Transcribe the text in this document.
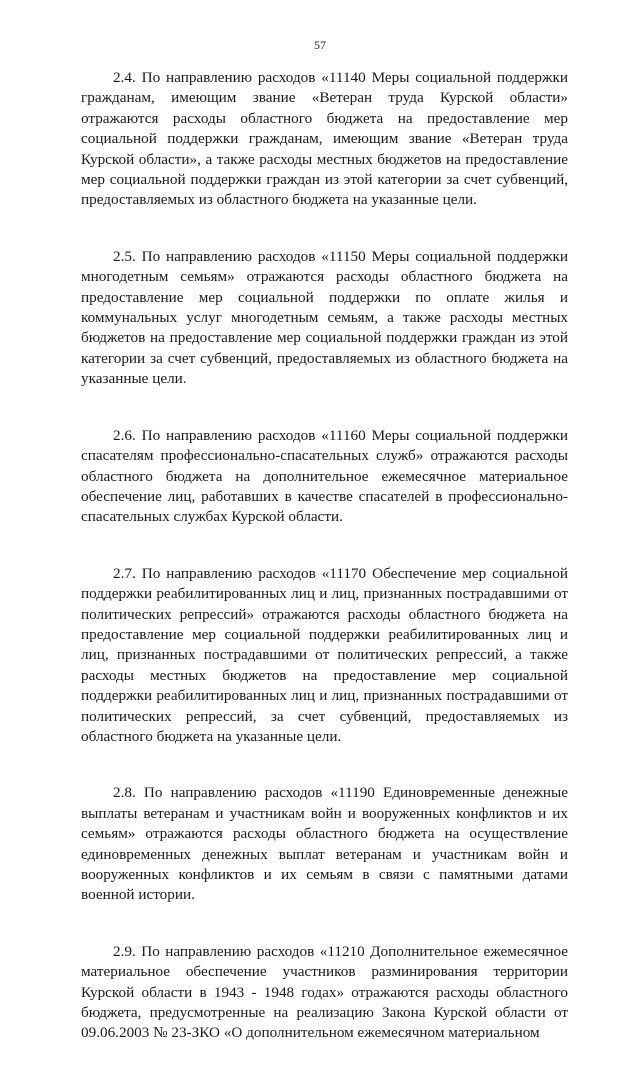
57

2.4. По направлению расходов «11140 Меры социальной поддержки гражданам, имеющим звание «Ветеран труда Курской области» отражаются расходы областного бюджета на предоставление мер социальной поддержки гражданам, имеющим звание «Ветеран труда Курской области», а также расходы местных бюджетов на предоставление мер социальной поддержки граждан из этой категории за счет субвенций, предоставляемых из областного бюджета на указанные цели.

2.5. По направлению расходов «11150 Меры социальной поддержки многодетным семьям» отражаются расходы областного бюджета на предоставление мер социальной поддержки по оплате жилья и коммунальных услуг многодетным семьям, а также расходы местных бюджетов на предоставление мер социальной поддержки граждан из этой категории за счет субвенций, предоставляемых из областного бюджета на указанные цели.

2.6. По направлению расходов «11160 Меры социальной поддержки спасателям профессионально-спасательных служб» отражаются расходы областного бюджета на дополнительное ежемесячное материальное обеспечение лиц, работавших в качестве спасателей в профессионально-спасательных службах Курской области.

2.7. По направлению расходов «11170 Обеспечение мер социальной поддержки реабилитированных лиц и лиц, признанных пострадавшими от политических репрессий» отражаются расходы областного бюджета на предоставление мер социальной поддержки реабилитированных лиц и лиц, признанных пострадавшими от политических репрессий, а также расходы местных бюджетов на предоставление мер социальной поддержки реабилитированных лиц и лиц, признанных пострадавшими от политических репрессий, за счет субвенций, предоставляемых из областного бюджета на указанные цели.

2.8. По направлению расходов «11190 Единовременные денежные выплаты ветеранам и участникам войн и вооруженных конфликтов и их семьям» отражаются расходы областного бюджета на осуществление единовременных денежных выплат ветеранам и участникам войн и вооруженных конфликтов и их семьям в связи с памятными датами военной истории.

2.9. По направлению расходов «11210 Дополнительное ежемесячное материальное обеспечение участников разминирования территории Курской области в 1943 - 1948 годах» отражаются расходы областного бюджета, предусмотренные на реализацию Закона Курской области от 09.06.2003 № 23-ЗКО «О дополнительном ежемесячном материальном
